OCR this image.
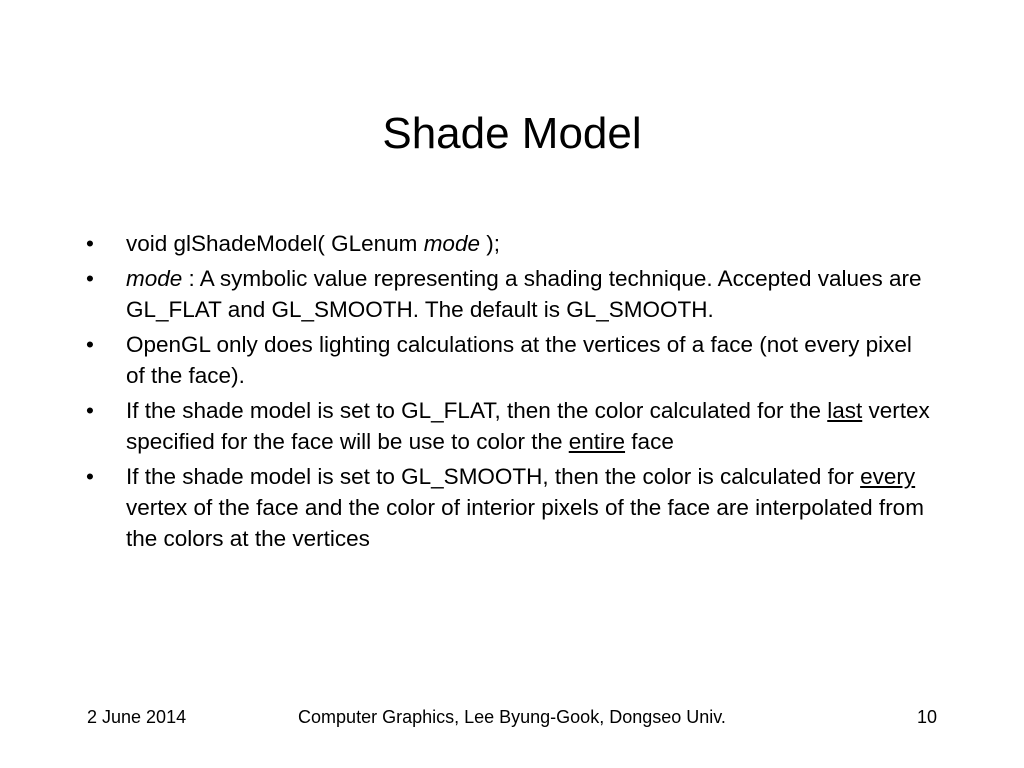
Shade Model
• void glShadeModel( GLenum mode );
• mode : A symbolic value representing a shading technique. Accepted values are GL_FLAT and GL_SMOOTH. The default is GL_SMOOTH.
• OpenGL only does lighting calculations at the vertices of a face (not every pixel of the face).
• If the shade model is set to GL_FLAT, then the color calculated for the last vertex specified for the face will be use to color the entire face
• If the shade model is set to GL_SMOOTH, then the color is calculated for every vertex of the face and the color of interior pixels of the face are interpolated from the colors at the vertices
2 June 2014	Computer Graphics, Lee Byung-Gook, Dongseo Univ.	10
